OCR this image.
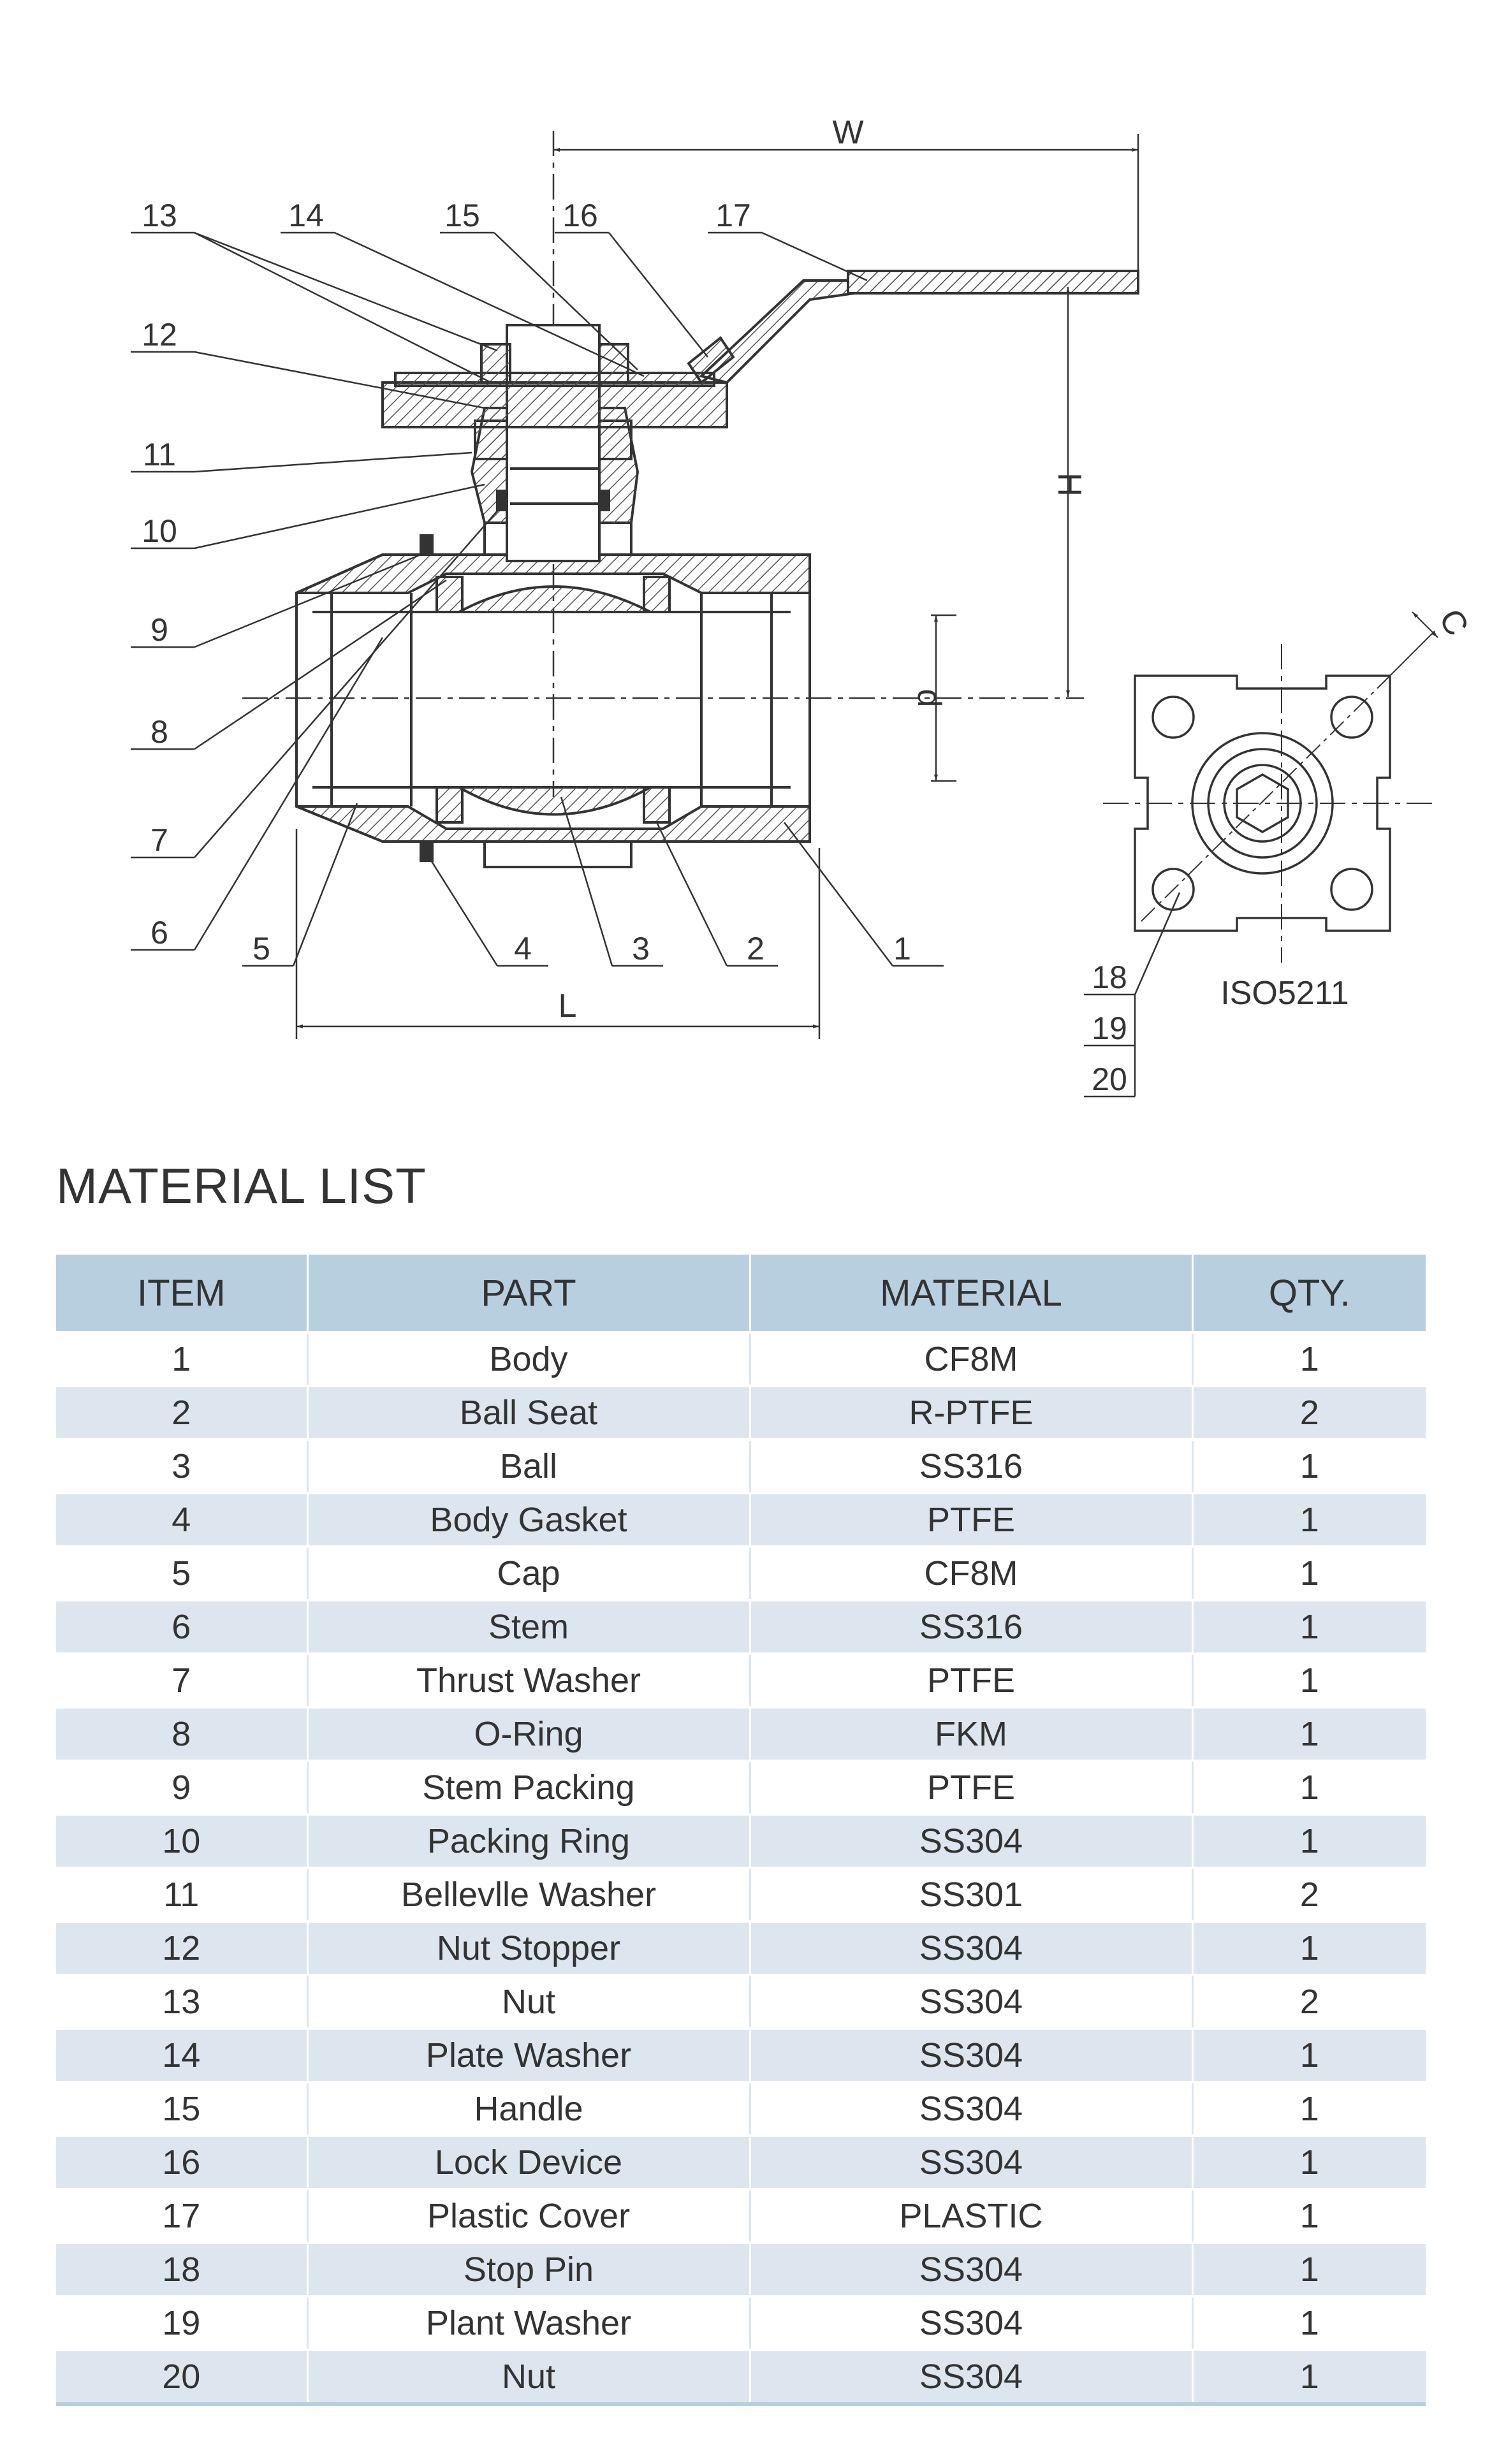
W
H
d
L
C
13	14	15	16	17
12
11
10
9
8
7
6	5	4	3	2	1
18
19
20
ISO5211
MATERIAL LIST
ITEM	PART	MATERIAL	QTY.
1	Body	CF8M	1
2	Ball Seat	R-PTFE	2
3	Ball	SS316	1
4	Body Gasket	PTFE	1
5	Cap	CF8M	1
6	Stem	SS316	1
7	Thrust Washer	PTFE	1
8	O-Ring	FKM	1
9	Stem Packing	PTFE	1
10	Packing Ring	SS304	1
11	Bellevlle Washer	SS301	2
12	Nut Stopper	SS304	1
13	Nut	SS304	2
14	Plate Washer	SS304	1
15	Handle	SS304	1
16	Lock Device	SS304	1
17	Plastic Cover	PLASTIC	1
18	Stop Pin	SS304	1
19	Plant Washer	SS304	1
20	Nut	SS304	1
